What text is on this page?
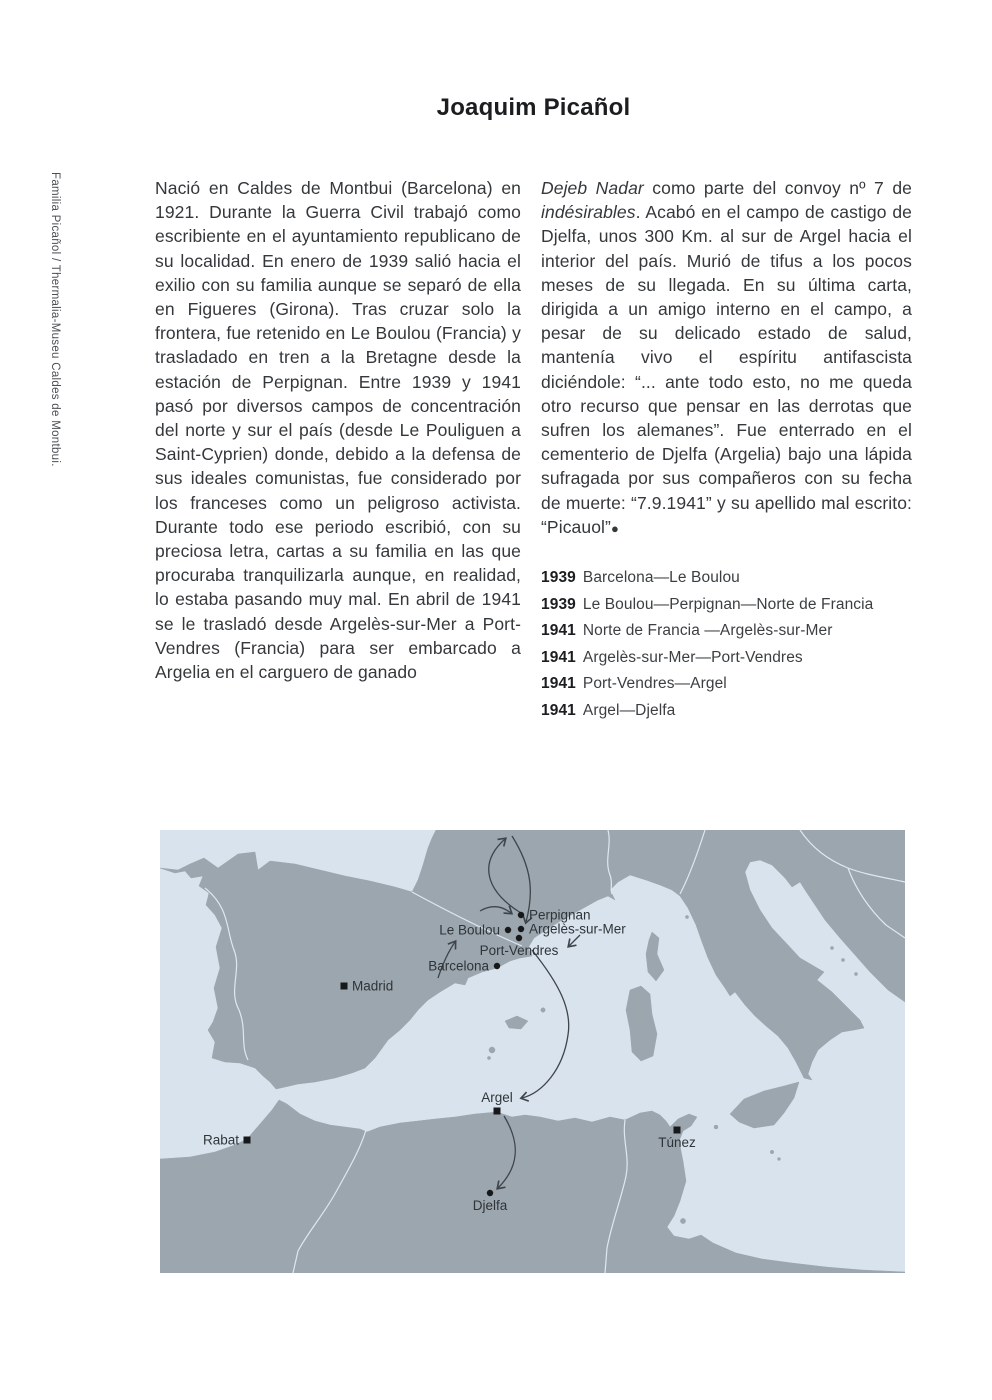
Joaquim Picañol
Familia Picañol / Thermalia-Museu Caldes de Montbui.	Nació en Caldes de Montbui (Barcelona) en 1921. Durante la Guerra Civil trabajó como escribiente en el ayuntamiento republicano de su localidad. En enero de 1939 salió hacia el exilio con su familia aunque se separó de ella en Figueres (Girona). Tras cruzar solo la frontera, fue retenido en Le Boulou (Francia) y trasladado en tren a la Bretagne desde la estación de Perpignan. Entre 1939 y 1941 pasó por diversos campos de concentración del norte y sur el país (desde Le Pouliguen a Saint-Cyprien) donde, debido a la defensa de sus ideales comunistas, fue considerado por los franceses como un peligroso activista. Durante todo ese periodo escribió, con su preciosa letra, cartas a su familia en las que procuraba tranquilizarla aunque, en realidad, lo estaba pasando muy mal. En abril de 1941 se le trasladó desde Argelès-sur-Mer a Port-Vendres (Francia) para ser embarcado a Argelia en el carguero de ganado
Dejeb Nadar como parte del convoy nº 7 de indésirables. Acabó en el campo de castigo de Djelfa, unos 300 Km. al sur de Argel hacia el interior del país. Murió de tifus a los pocos meses de su llegada. En su última carta, dirigida a un amigo interno en el campo, a pesar de su delicado estado de salud, mantenía vivo el espíritu antifascista diciéndole: “... ante todo esto, no me queda otro recurso que pensar en las derrotas que sufren los alemanes”. Fue enterrado en el cementerio de Djelfa (Argelia) bajo una lápida sufragada por sus compañeros con su fecha de muerte: “7.9.1941” y su apellido mal escrito: “Picauol”●
1939 Barcelona—Le Boulou
1939 Le Boulou—Perpignan—Norte de Francia
1941 Norte de Francia —Argelès-sur-Mer
1941 Argelès-sur-Mer—Port-Vendres
1941 Port-Vendres—Argel
1941 Argel—Djelfa
Madrid
Barcelona
Le Boulou
Perpignan
Argelès-sur-Mer
Port-Vendres
Rabat
Argel
Túnez
Djelfa
